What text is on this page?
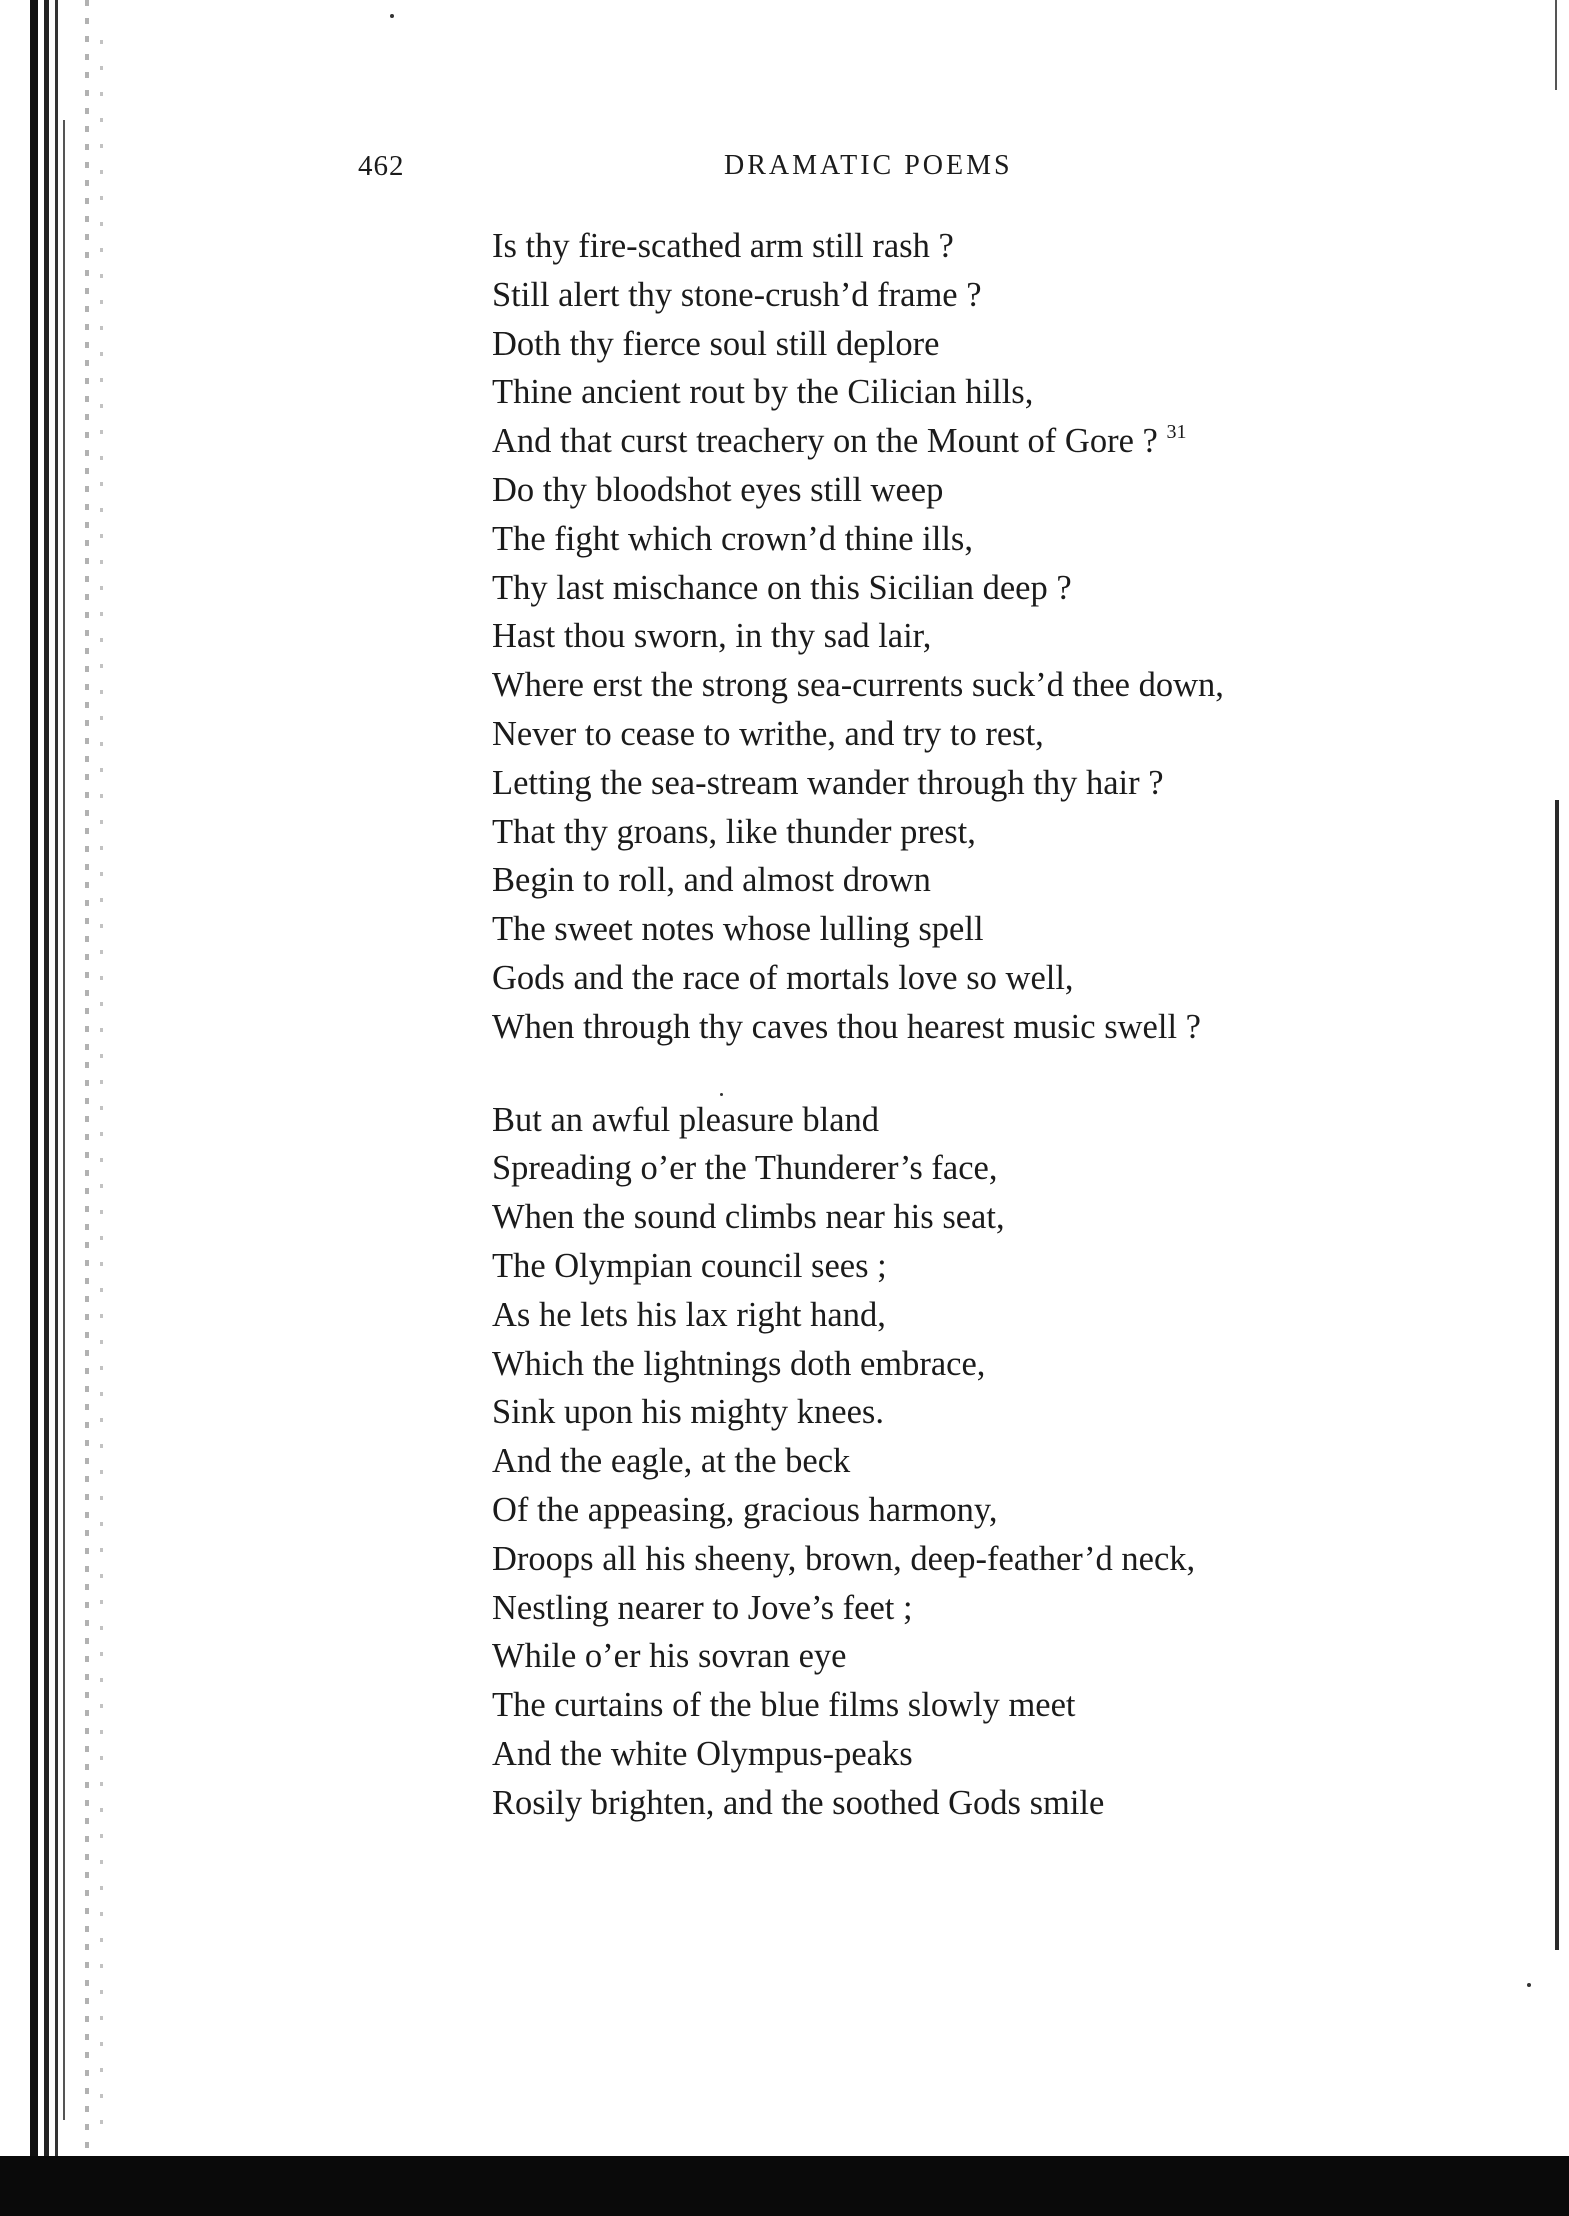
462	DRAMATIC POEMS
Is thy fire-scathed arm still rash ?
Still alert thy stone-crush’d frame ?
Doth thy fierce soul still deplore
Thine ancient rout by the Cilician hills,
And that curst treachery on the Mount of Gore ? $^{31}$
Do thy bloodshot eyes still weep
The fight which crown’d thine ills,
Thy last mischance on this Sicilian deep ?
Hast thou sworn, in thy sad lair,
Where erst the strong sea-currents suck’d thee down,
Never to cease to writhe, and try to rest,
Letting the sea-stream wander through thy hair ?
That thy groans, like thunder prest,
Begin to roll, and almost drown
The sweet notes whose lulling spell
Gods and the race of mortals love so well,
When through thy caves thou hearest music swell ?
But an awful pleasure bland
Spreading o’er the Thunderer’s face,
When the sound climbs near his seat,
The Olympian council sees ;
As he lets his lax right hand,
Which the lightnings doth embrace,
Sink upon his mighty knees.
And the eagle, at the beck
Of the appeasing, gracious harmony,
Droops all his sheeny, brown, deep-feather’d neck,
Nestling nearer to Jove’s feet ;
While o’er his sovran eye
The curtains of the blue films slowly meet
And the white Olympus-peaks
Rosily brighten, and the soothed Gods smile
